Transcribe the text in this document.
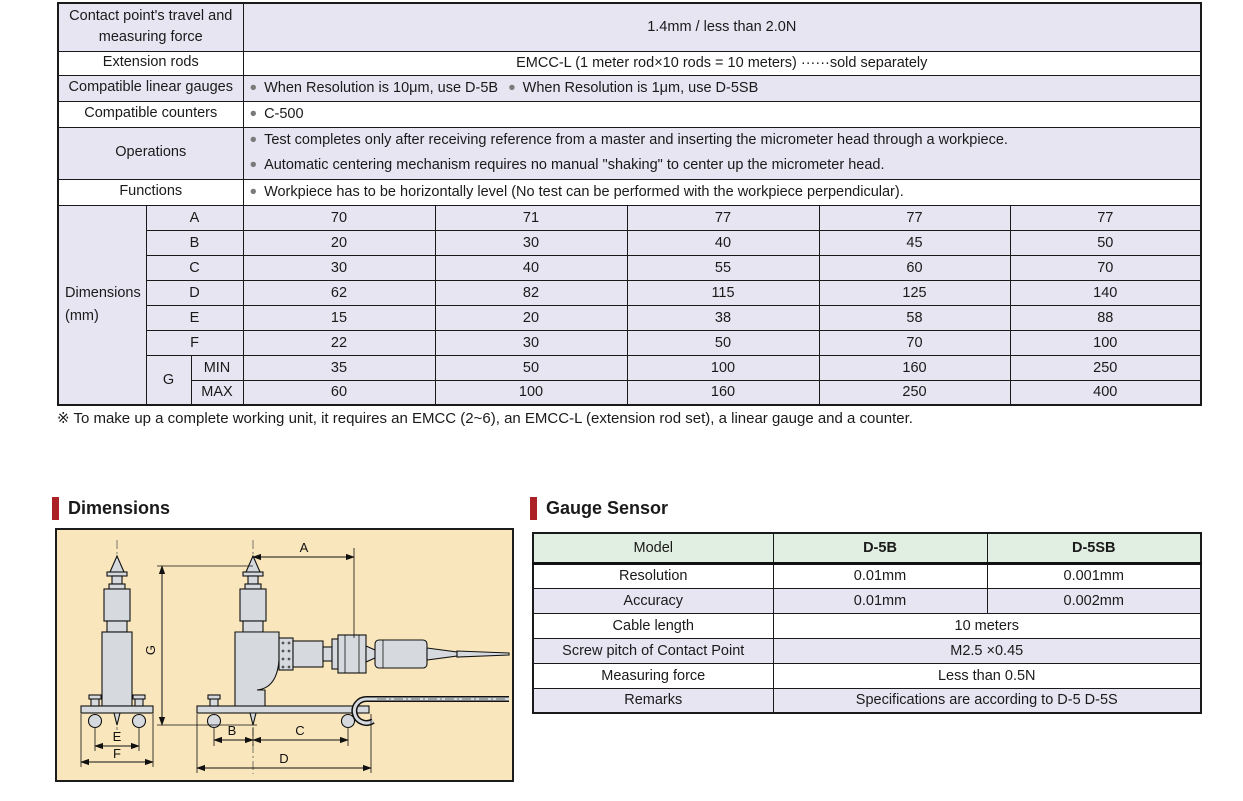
Contact point's travel and measuring force			1.4mm / less than 2.0N				
Extension rods			EMCC-L (1 meter rod×10 rods = 10 meters) ······sold separately				
Compatible linear gauges			● When Resolution is 10μm, use D-5B ● When Resolution is 1μm, use D-5SB				
Compatible counters			● C-500				
Operations			● Test completes only after receiving reference from a master and inserting the micrometer head through a workpiece.
● Automatic centering mechanism requires no manual "shaking" to center up the micrometer head.				

Functions			● Workpiece has to be horizontally level (No test can be performed with the workpiece perpendicular).				
Dimensions
(mm)	A		70	71	77	77	77
	B		20	30	40	45	50
	C		30	40	55	60	70
	D		62	82	115	125	140
	E		15	20	38	58	88
	F		22	30	50	70	100
	G	MIN	35	50	100	160	250
		MAX	60	100	160	250	400
※ To make up a complete working unit, it requires an EMCC (2~6), an EMCC-L (extension rod set), a linear gauge and a counter.
Dimensions	Gauge Sensor
A
G
E
F
B	C
D
Model	D-5B	D-5SB
Resolution	0.01mm	0.001mm
Accuracy	0.01mm	0.002mm
Cable length	10 meters	
Screw pitch of Contact Point	M2.5 ×0.45	
Measuring force	Less than 0.5N	
Remarks	Specifications are according to D-5 D-5S	
